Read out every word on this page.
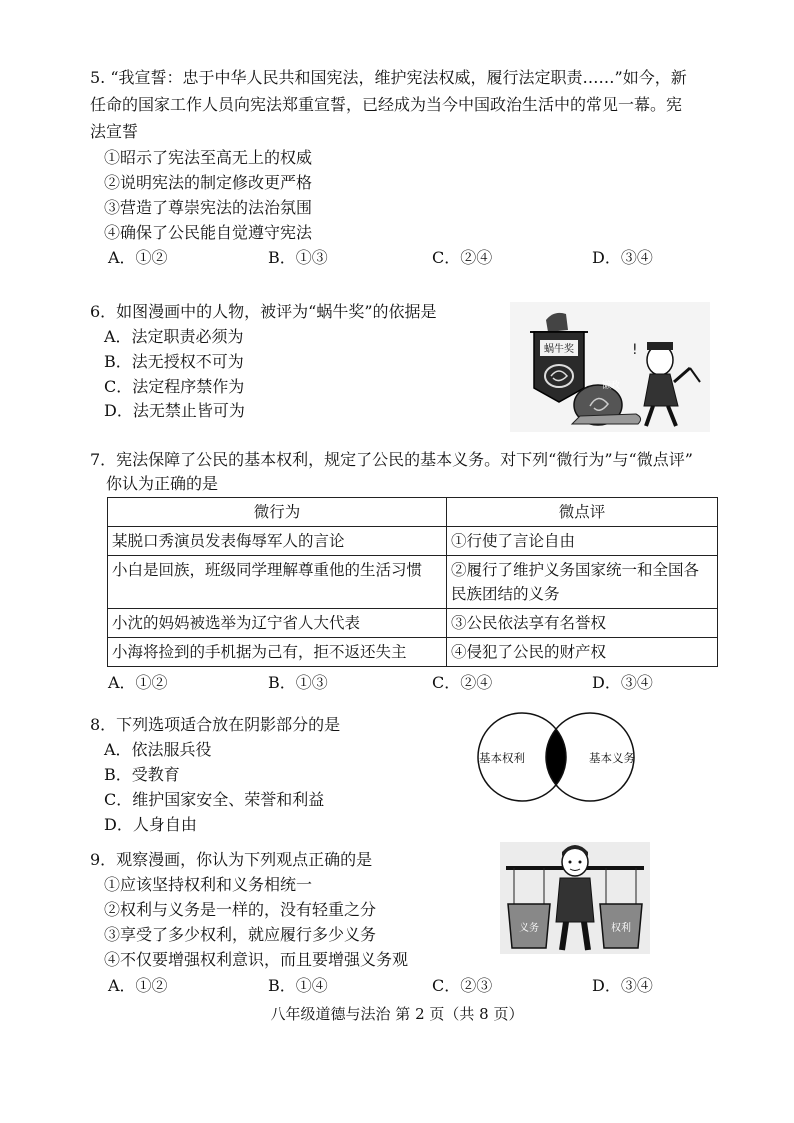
5. “我宣誓：忠于中华人民共和国宪法，维护宪法权威，履行法定职责……”如今，新
任命的国家工作人员向宪法郑重宣誓，已经成为当今中国政治生活中的常见一幕。宪
法宣誓
①昭示了宪法至高无上的权威
②说明宪法的制定修改更严格
③营造了尊崇宪法的法治氛围
④确保了公民能自觉遵守宪法
A．①②	B．①③	C．②④	D．③④
6．如图漫画中的人物，被评为“蜗牛奖”的依据是
A．法定职责必须为
B．法无授权不可为
C．法定程序禁作为
D．法无禁止皆可为
蜗牛奖
懒政
!
7．宪法保障了公民的基本权利，规定了公民的基本义务。对下列“微行为”与“微点评”
你认为正确的是
微行为	微点评
某脱口秀演员发表侮辱军人的言论	①行使了言论自由
小白是回族，班级同学理解尊重他的生活习惯	②履行了维护义务国家统一和全国各民族团结的义务
小沈的妈妈被选举为辽宁省人大代表	③公民依法享有名誉权
小海将捡到的手机据为己有，拒不返还失主	④侵犯了公民的财产权
A．①②	B．①③	C．②④	D．③④
8．下列选项适合放在阴影部分的是
A．依法服兵役
B．受教育
C．维护国家安全、荣誉和利益
D．人身自由
基本权利	基本义务
9．观察漫画，你认为下列观点正确的是
①应该坚持权利和义务相统一
②权利与义务是一样的，没有轻重之分
③享受了多少权利，就应履行多少义务
④不仅要增强权利意识，而且要增强义务观
A．①②	B．①④	C．②③	D．③④
义务	权利
八年级道德与法治 第 2 页（共 8 页）
